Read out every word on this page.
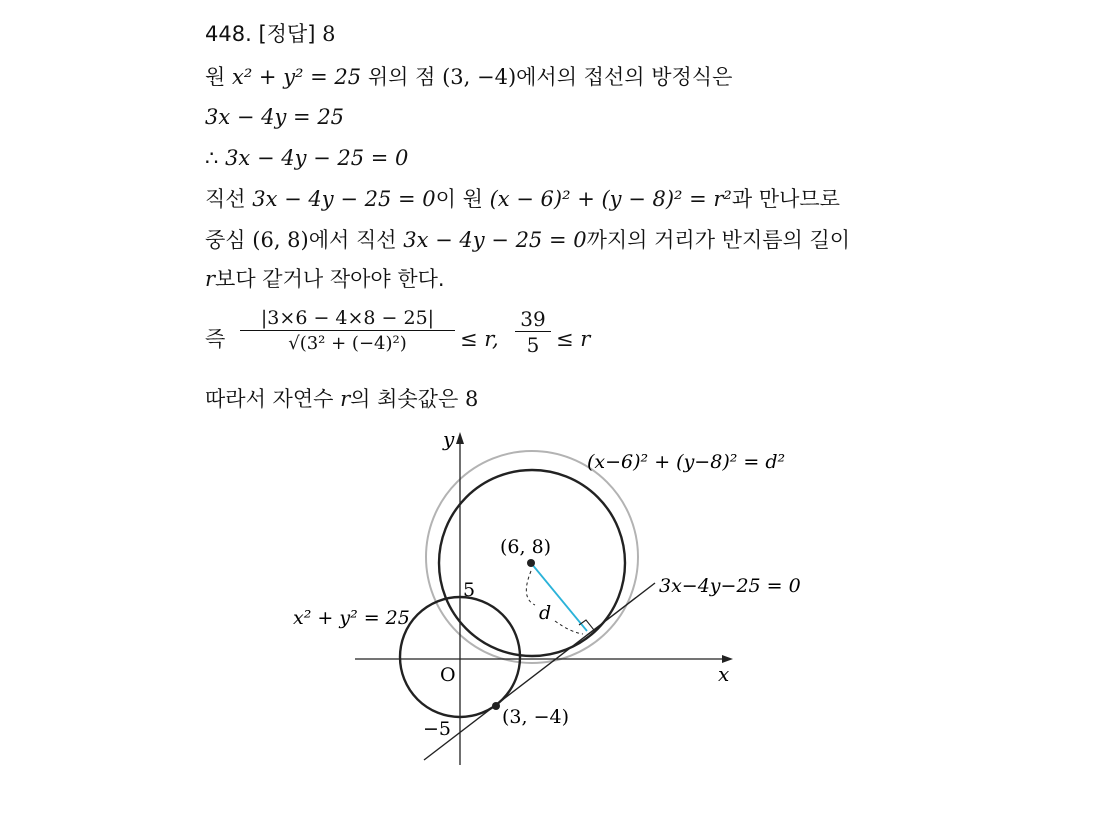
448. [정답] 8
원 x² + y² = 25 위의 점 (3, −4)에서의 접선의 방정식은
3x − 4y = 25
∴ 3x − 4y − 25 = 0
직선 3x − 4y − 25 = 0이 원 (x − 6)² + (y − 8)² = r²과 만나므로
중심 (6, 8)에서 직선 3x − 4y − 25 = 0까지의 거리가 반지름의 길이
r보다 같거나 작아야 한다.
즉 $\frac{|3\times 6 - 4\times 8 - 25|}{\text{√(3² + (−4)²)}} \le r$, $\frac{39}{5} \le r$
따라서 자연수 r의 최솟값은 8
y
x
O
5
−5
(x−6)² + (y−8)² = d²
x² + y² = 25
(6, 8)
(3, −4)
3x−4y−25 = 0
d
